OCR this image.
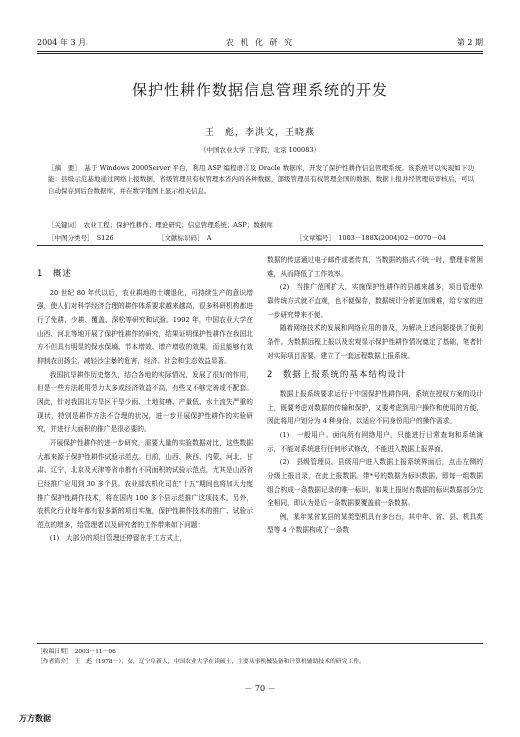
2004 年 3 月	农 机 化 研 究	第 2 期
保护性耕作数据信息管理系统的开发
王　彪，李洪文，王晓燕
（中国农业大学 工学院，北京 100083）
［摘　要］　基于 Windows 2000Server 平台，利用 ASP 编程语言及 Oracle 数据库，开发了保护性耕作信息管理系统。该系统可以实现如下功能：县级示范基地通过网络上报数据，省级管理员有权管理本省内的各种数据，部级管理员有权管理全国的数据，数据上报并经管理员审核后，可以自动保存到后台数据库，并在数字地图上显示相关信息。
［关键词］　农业工程；保护性耕作；理论研究；信息管理系统；ASP；数据库
［中图分类号］　S126	［文献标识码］　A	［文章编号］　1003－188X(2004)02－0070－04
1　概述

20 世纪 80 年代以后，农业耕地的土壤退化，可持续生产的意识增强，使人们对科学经济合理的耕作体系要求越来越高，很多科研机构都进行了免耕、少耕、覆盖、深松等研究和试验。1992 年，中国农业大学在山西、河北等地开展了保护性耕作的研究，结果证明保护性耕作在我国北方不但具有明显的保水保墒、节本增效、增产增收的效果，而且能够有效抑制农田扬尘，减轻沙尘暴的危害，经济、社会和生态效益显著。

我国抗旱耕作历史悠久，结合各地的实际情况，发展了很好的作用，但是一些方法耗用劳力太多或经济效益不高，有些又不够完善或不配套。因此，针对我国北方旱区干旱少雨、土地贫瘠、产量低、水土流失严重的现状，特别是耕作方法不合理的状况，进一步开展保护性耕作的实验研究，并进行大面积的推广是很必要的。

开展保护性耕作的进一步研究，需要大量的实验数据对比，这些数据大都来源于保护性耕作试验示范点。目前，山西、陕西、内蒙、河北、甘肃、辽宁，北京及天津等省市都有不同面积的试验示范点，尤其是山西省已经推广应用到 30 多个县。农业部农机化司在“十五”期间也将加大力度推广保护性耕作技术，将在国内 100 多个县示范推广这项技术。另外，农机化行业每年都有很多新的项目实施，保护性耕作技术的推广、试验示范点的增多，给管理者以及研究者的工作带来如下问题：

(1)　大部分的项目管理还停留在手工方式上，

数据的传送通过电子邮件或者传真，当数据的格式不统一时，整理非常困难，从而降低了工作效率。

(2)　当推广范围扩大，实施保护性耕作的县越来越多，项目管理单靠传统方式就不直观，也不便保存，数据统计分析更加困难，给专家的进一步研究带来不便。

随着网络技术的发展和网络应用的普及，为解决上述问题提供了便利条件。为数据远程上报以及宏观显示保护性耕作情况奠定了基础，笔者针对实际项目需要，建立了一套远程数据上报系统。

2　数据上报系统的基本结构设计

数据上报系统要求运行于中国保护性耕作网，系统在授权方案的设计上，既要考虑对数据的传输和保护，又要考虑到用户操作和使用的方便，因此将用户划分为 4 种身份，以适应不同身份用户的操作需求。

(1)　一般用户。面向所有网络用户，只能进行日常查询和系统演示，不能对系统进行任何形式修改，不能进入数据上报界面。

(2)　县级管理员。县级用户进入数据上报系统界面后，点击左侧的分级上报目录，在此上报数据。带*号的数据为标识数据，即每一组数据组合构成一条数据记录的唯一标识，如果上报时有数据的标识数据部分完全相同，即认为是后一条数据要覆盖前一条数据。

例，某年某省某县的某类型机具有多台台，其中年、省、县、机具类型等 4 个数据构成了一条数

［收稿日期］　2003－11－06
［作者简介］　王　彪（1978－），女，辽宁阜新人，中国农业大学在读硕士，主要从事机械装备和计算机辅助技术的研究工作。
－ 70 －
万方数据
